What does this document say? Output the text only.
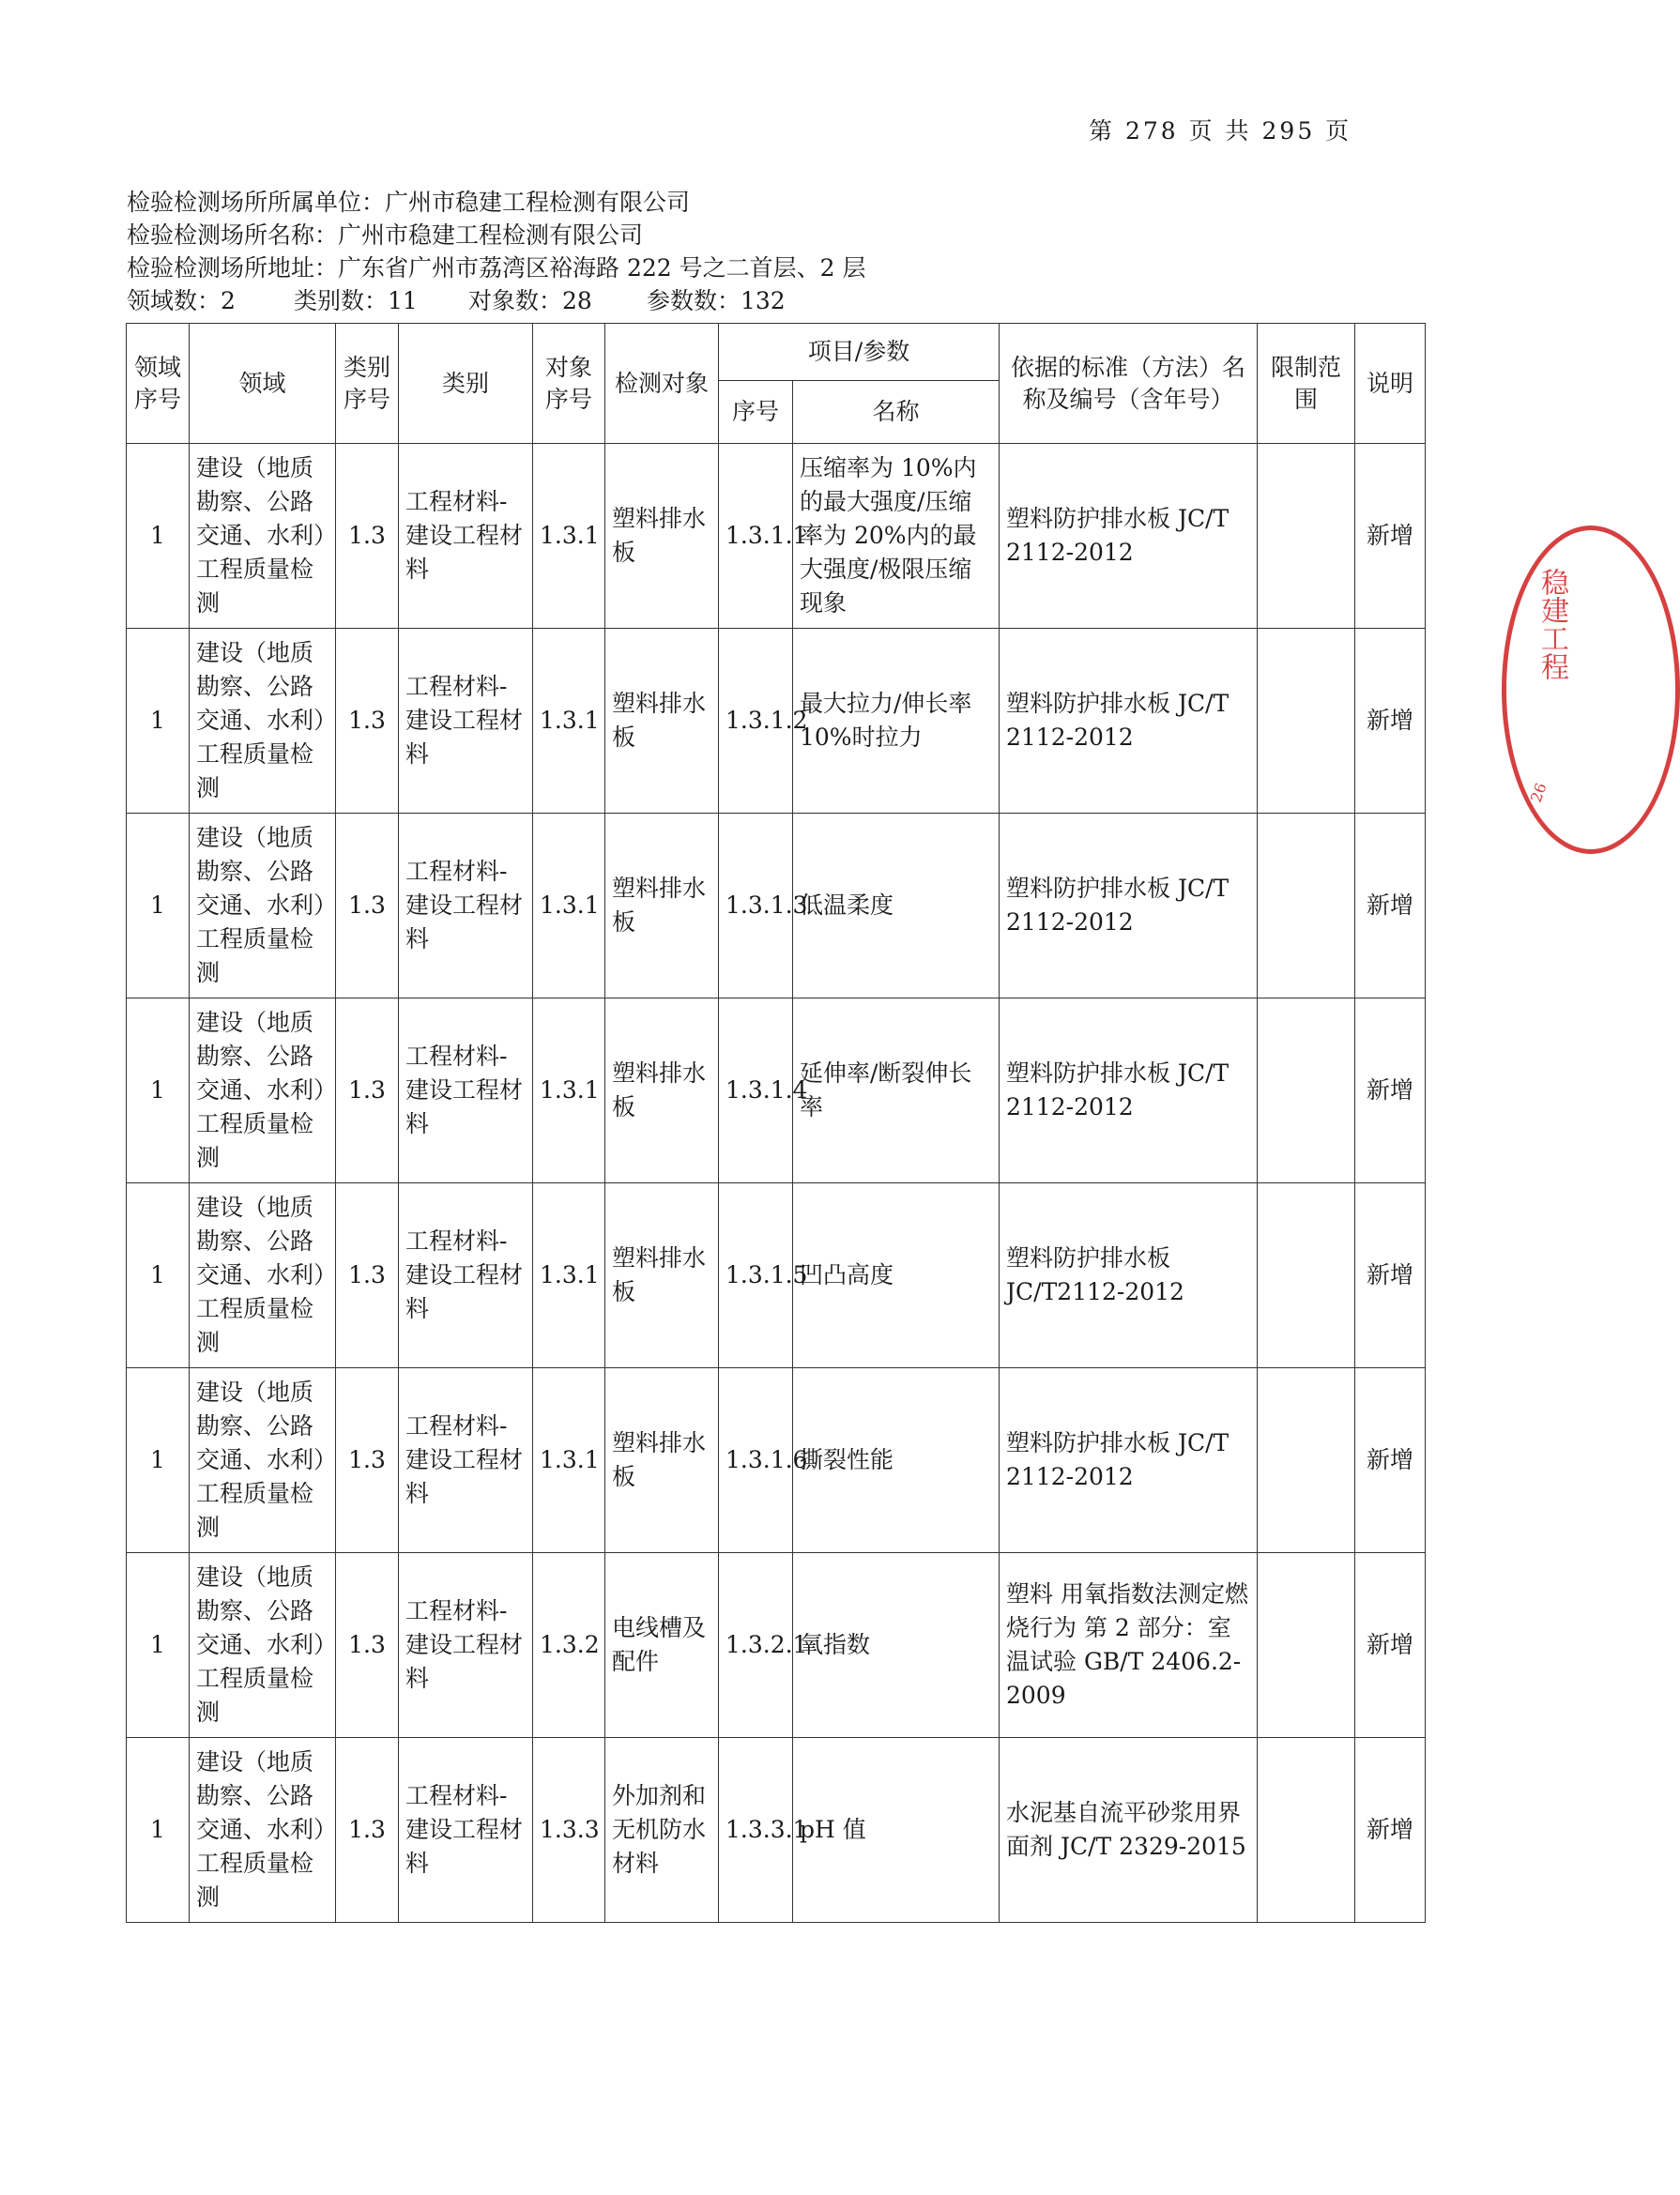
第 278 页 共 295 页
检验检测场所所属单位：广州市稳建工程检测有限公司
检验检测场所名称：广州市稳建工程检测有限公司
检验检测场所地址：广东省广州市荔湾区裕海路 222 号之二首层、2 层
领域数：2 类别数：11 对象数：28 参数数：132
领域序号	领域	类别序号	类别	对象序号	检测对象	项目/参数		依据的标准（方法）名称及编号（含年号）	限制范围	说明
						序号	名称			
1	建设（地质勘察、公路交通、水利）工程质量检测	1.3	工程材料-建设工程材料	1.3.1	塑料排水板	1.3.1.1	压缩率为 10%内的最大强度/压缩率为 20%内的最大强度/极限压缩现象	塑料防护排水板 JC/T 2112-2012		新增
1	建设（地质勘察、公路交通、水利）工程质量检测	1.3	工程材料-建设工程材料	1.3.1	塑料排水板	1.3.1.2	最大拉力/伸长率 10%时拉力	塑料防护排水板 JC/T 2112-2012		新增
1	建设（地质勘察、公路交通、水利）工程质量检测	1.3	工程材料-建设工程材料	1.3.1	塑料排水板	1.3.1.3	低温柔度	塑料防护排水板 JC/T 2112-2012		新增
1	建设（地质勘察、公路交通、水利）工程质量检测	1.3	工程材料-建设工程材料	1.3.1	塑料排水板	1.3.1.4	延伸率/断裂伸长率	塑料防护排水板 JC/T 2112-2012		新增
1	建设（地质勘察、公路交通、水利）工程质量检测	1.3	工程材料-建设工程材料	1.3.1	塑料排水板	1.3.1.5	凹凸高度	塑料防护排水板 JC/T2112-2012		新增
1	建设（地质勘察、公路交通、水利）工程质量检测	1.3	工程材料-建设工程材料	1.3.1	塑料排水板	1.3.1.6	撕裂性能	塑料防护排水板 JC/T 2112-2012		新增
1	建设（地质勘察、公路交通、水利）工程质量检测	1.3	工程材料-建设工程材料	1.3.2	电线槽及配件	1.3.2.1	氧指数	塑料 用氧指数法测定燃烧行为 第 2 部分：室温试验 GB/T 2406.2-2009		新增
1	建设（地质勘察、公路交通、水利）工程质量检测	1.3	工程材料-建设工程材料	1.3.3	外加剂和无机防水材料	1.3.3.1	pH 值	水泥基自流平砂浆用界面剂 JC/T 2329-2015		新增
稳建工程
26
